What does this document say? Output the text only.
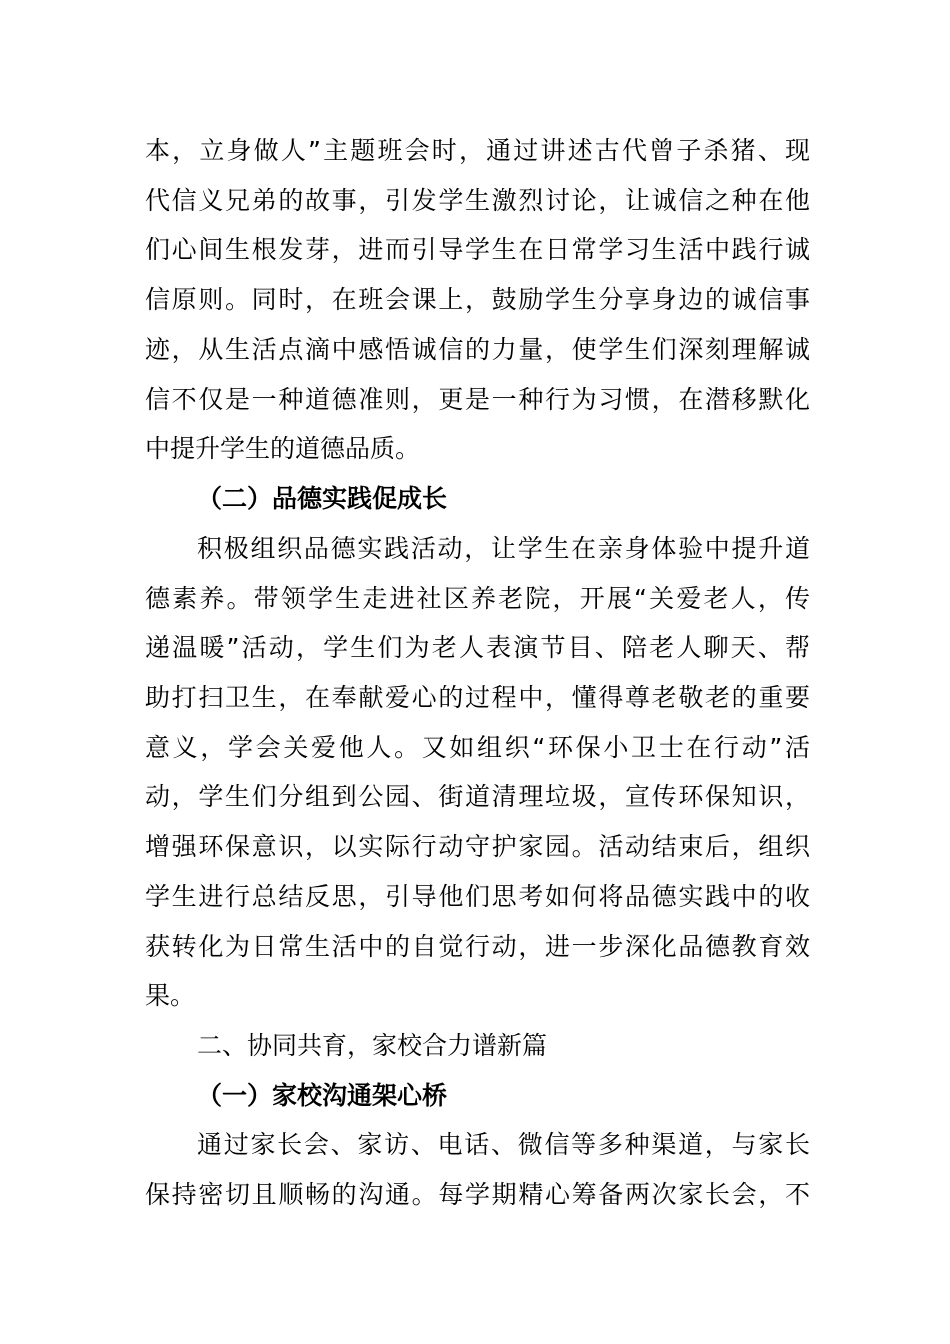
本，立身做人”主题班会时，通过讲述古代曾子杀猪、现
代信义兄弟的故事，引发学生激烈讨论，让诚信之种在他
们心间生根发芽，进而引导学生在日常学习生活中践行诚
信原则。同时，在班会课上，鼓励学生分享身边的诚信事
迹，从生活点滴中感悟诚信的力量，使学生们深刻理解诚
信不仅是一种道德准则，更是一种行为习惯，在潜移默化
中提升学生的道德品质。
（二）品德实践促成长
积极组织品德实践活动，让学生在亲身体验中提升道
德素养。带领学生走进社区养老院，开展“关爱老人，传
递温暖”活动，学生们为老人表演节目、陪老人聊天、帮
助打扫卫生，在奉献爱心的过程中，懂得尊老敬老的重要
意义，学会关爱他人。又如组织“环保小卫士在行动”活
动，学生们分组到公园、街道清理垃圾，宣传环保知识，
增强环保意识，以实际行动守护家园。活动结束后，组织
学生进行总结反思，引导他们思考如何将品德实践中的收
获转化为日常生活中的自觉行动，进一步深化品德教育效
果。
二、协同共育，家校合力谱新篇
（一）家校沟通架心桥
通过家长会、家访、电话、微信等多种渠道，与家长
保持密切且顺畅的沟通。每学期精心筹备两次家长会，不
